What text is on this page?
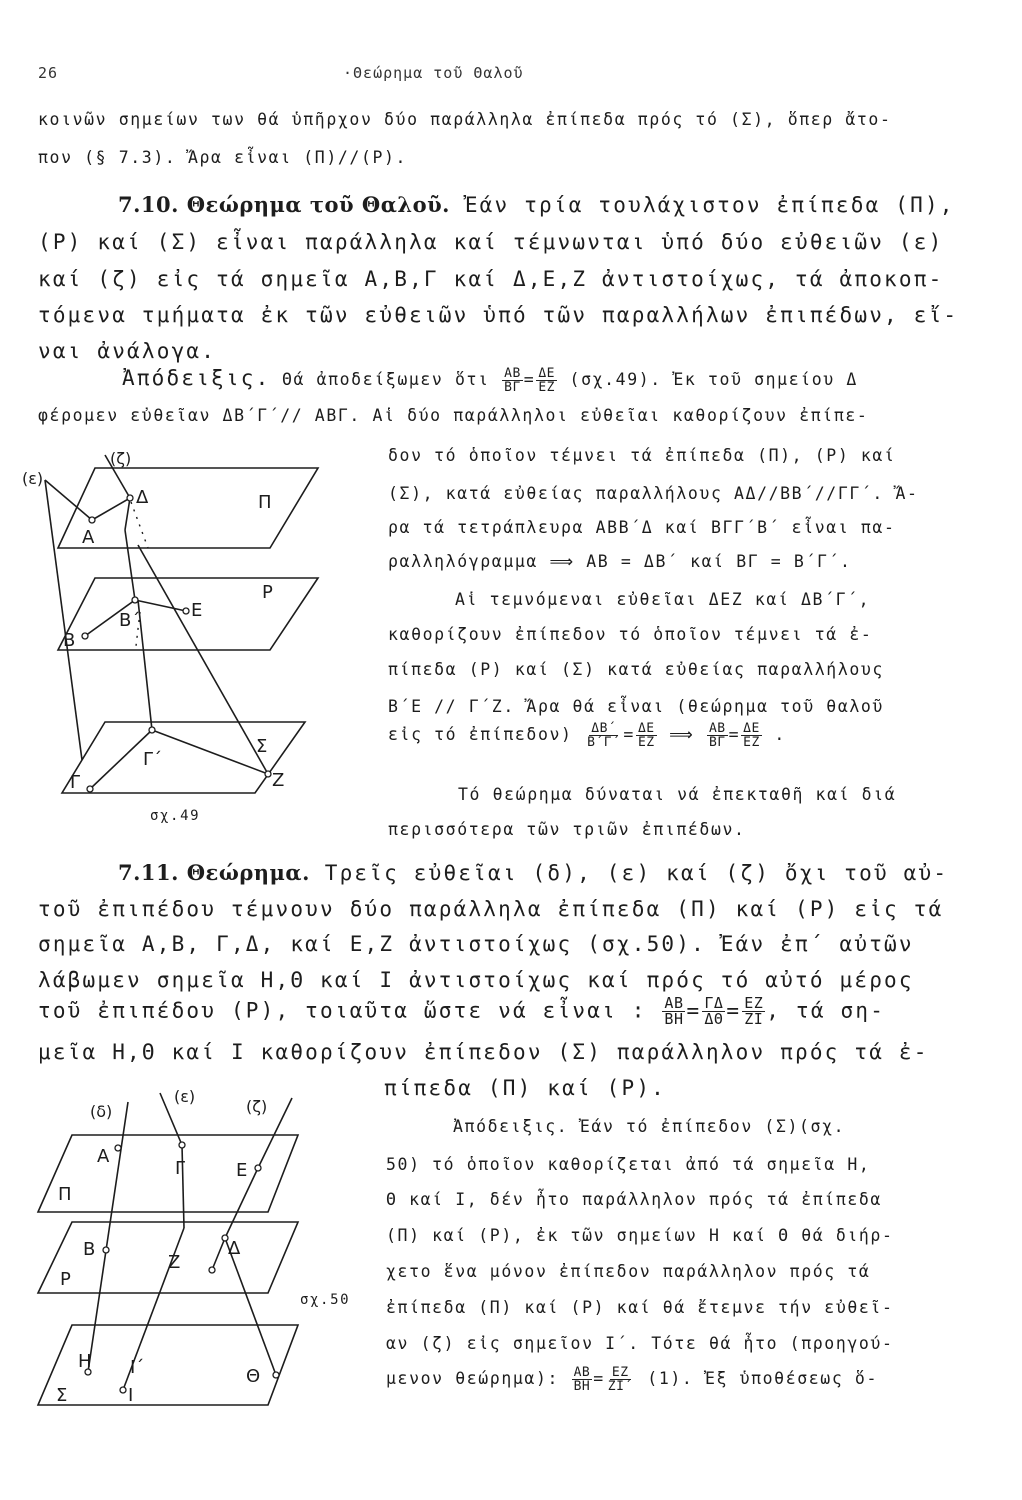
26	·Θεώρημα τοῦ Θαλοῦ
κοινῶν σημείων των θά ὑπῆρχον δύο παράλληλα ἐπίπεδα πρός τό (Σ), ὅπερ ἄτο-
πον (§ 7.3). Ἄρα εἶναι (Π)//(Ρ).
7.10. Θεώρημα τοῦ Θαλοῦ. Ἐάν τρία τουλάχιστον ἐπίπεδα (Π),
(Ρ) καί (Σ) εἶναι παράλληλα καί τέμνωνται ὑπό δύο εὐθειῶν (ε)
καί (ζ) εἰς τά σημεῖα Α,Β,Γ καί Δ,Ε,Ζ ἀντιστοίχως, τά ἀποκοπ-
τόμενα τμήματα ἐκ τῶν εὐθειῶν ὑπό τῶν παραλλήλων ἐπιπέδων, εἴ-
ναι ἀνάλογα.
Ἀπόδειξις. Θά ἀποδείξωμεν ὅτι $\frac{AB}{B\Gamma} = \frac{\Delta E}{EZ} (\sigma\chi.49)$. Ἐκ τοῦ σημείου Δ
φέρομεν εὐθεῖαν ΔΒ΄Γ΄// ΑΒΓ. Αἱ δύο παράλληλοι εὐθεῖαι καθορίζουν ἐπίπε-
δον τό ὁποῖον τέμνει τά ἐπίπεδα (Π), (Ρ) καί
(Σ), κατά εὐθείας παραλλήλους ΑΔ//ΒΒ΄//ΓΓ΄. Ἄ-
ρα τά τετράπλευρα ΑΒΒ΄Δ καί ΒΓΓ΄Β΄ εἶναι πα-
ραλληλόγραμμα ⟹ ΑΒ = ΔΒ΄ καί ΒΓ = Β΄Γ΄.
Αἱ τεμνόμεναι εὐθεῖαι ΔΕΖ καί ΔΒ΄Γ΄,
καθορίζουν ἐπίπεδον τό ὁποῖον τέμνει τά ἐ-
πίπεδα (Ρ) καί (Σ) κατά εὐθείας παραλλήλους
Β΄Ε // Γ΄Ζ. Ἄρα θά εἶναι (θεώρημα τοῦ θαλοῦ
εἰς τό ἐπίπεδον) $\frac{\Delta B΄}{B΄\Gamma΄} = \frac{\Delta E}{EZ}$ ⟹ $\frac{AB}{B\Gamma} = \frac{\Delta E}{EZ}$ .
Τό θεώρημα δύναται νά ἐπεκταθῆ καί διά
περισσότερα τῶν τριῶν ἐπιπέδων.
(ε)
(ζ)
Δ
Α
Π
Β΄	Ε
Ρ
Β
Σ
Γ΄
Ζ
Γ
σχ.49
7.11. Θεώρημα. Τρεῖς εὐθεῖαι (δ), (ε) καί (ζ) ὄχι τοῦ αὐ-
τοῦ ἐπιπέδου τέμνουν δύο παράλληλα ἐπίπεδα (Π) καί (Ρ) εἰς τά
σημεῖα Α,Β, Γ,Δ, καί Ε,Ζ ἀντιστοίχως (σχ.50). Ἐάν ἐπ΄ αὐτῶν
λάβωμεν σημεῖα Η,Θ καί Ι ἀντιστοίχως καί πρός τό αὐτό μέρος
τοῦ ἐπιπέδου (Ρ), τοιαῦτα ὥστε νά εἶναι : $\frac{AB}{BH} = \frac{\Gamma\Delta}{\Delta\Theta} = \frac{EZ}{ZI}$ , τά ση-
μεῖα Η,Θ καί Ι καθορίζουν ἐπίπεδον (Σ) παράλληλον πρός τά ἐ-
πίπεδα (Π) καί (Ρ).
Ἀπόδειξις. Ἐάν τό ἐπίπεδον (Σ)(σχ.
50) τό ὁποῖον καθορίζεται ἀπό τά σημεῖα Η,
Θ καί Ι, δέν ἦτο παράλληλον πρός τά ἐπίπεδα
(Π) καί (Ρ), ἐκ τῶν σημείων Η καί Θ θά διήρ-
χετο ἕνα μόνον ἐπίπεδον παράλληλον πρός τά
ἐπίπεδα (Π) καί (Ρ) καί θά ἔτεμνε τήν εὐθεῖ-
αν (ζ) εἰς σημεῖον Ι΄. Τότε θά ἦτο (προηγού-
μενον θεώρημα): $\frac{AB}{BH} = \frac{EZ}{ZI΄} (1)$. Ἐξ ὑποθέσεως ὅ-
(δ)
(ε)
(ζ)
Α
Γ	Ε
Π
Β
Ζ
Δ
Ρ
Η Ι΄	Θ
Σ	Ι
σχ.50
